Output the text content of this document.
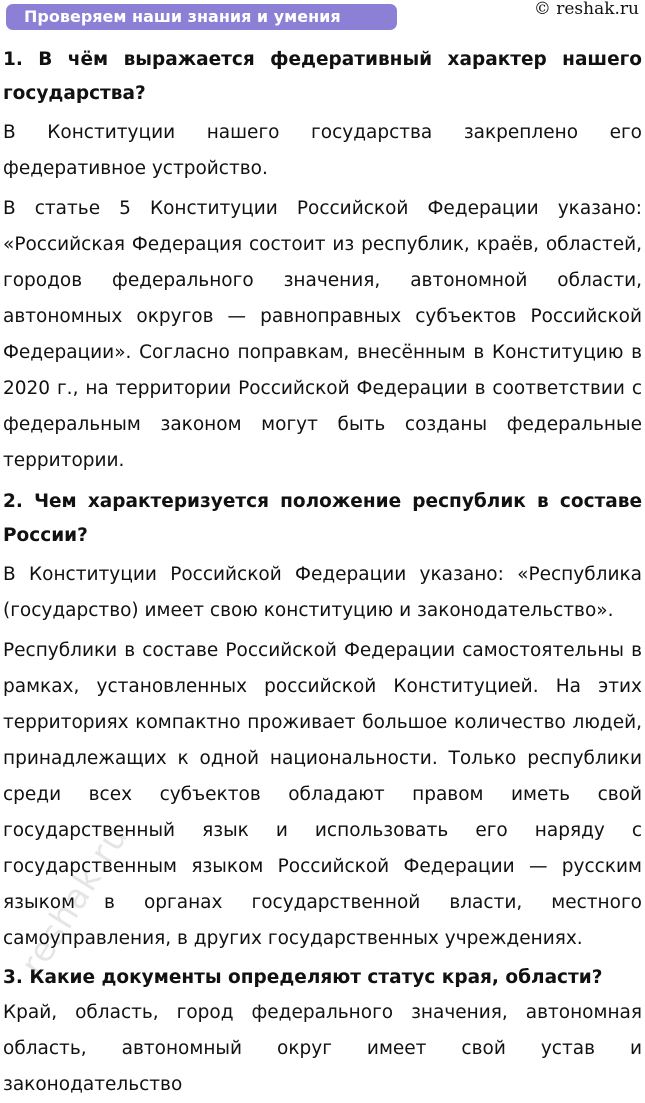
Проверяем наши знания и умения	© reshak.ru
1. В чём выражается федеративный характер нашего государства?
В Конституции нашего государства закреплено его федеративное устройство.
В статье 5 Конституции Российской Федерации указано: «Российская Федерация состоит из республик, краёв, областей, городов федерального значения, автономной области, автономных округов — равноправных субъектов Российской Федерации». Согласно поправкам, внесённым в Конституцию в 2020 г., на территории Российской Федерации в соответствии с федеральным законом могут быть созданы федеральные территории.
2. Чем характеризуется положение республик в составе России?
В Конституции Российской Федерации указано: «Республика (государство) имеет свою конституцию и законодательство».
Республики в составе Российской Федерации самостоятельны в рамках, установленных российской Конституцией. На этих территориях компактно проживает большое количество людей, принадлежащих к одной национальности. Только республики среди всех субъектов обладают правом иметь свой государственный язык и использовать его наряду с государственным языком Российской Федерации — русским языком в органах государственной власти, местного самоуправления, в других государственных учреждениях.
3. Какие документы определяют статус края, области?
Край, область, город федерального значения, автономная область, автономный округ имеет свой устав и законодательство
reshak.ru
